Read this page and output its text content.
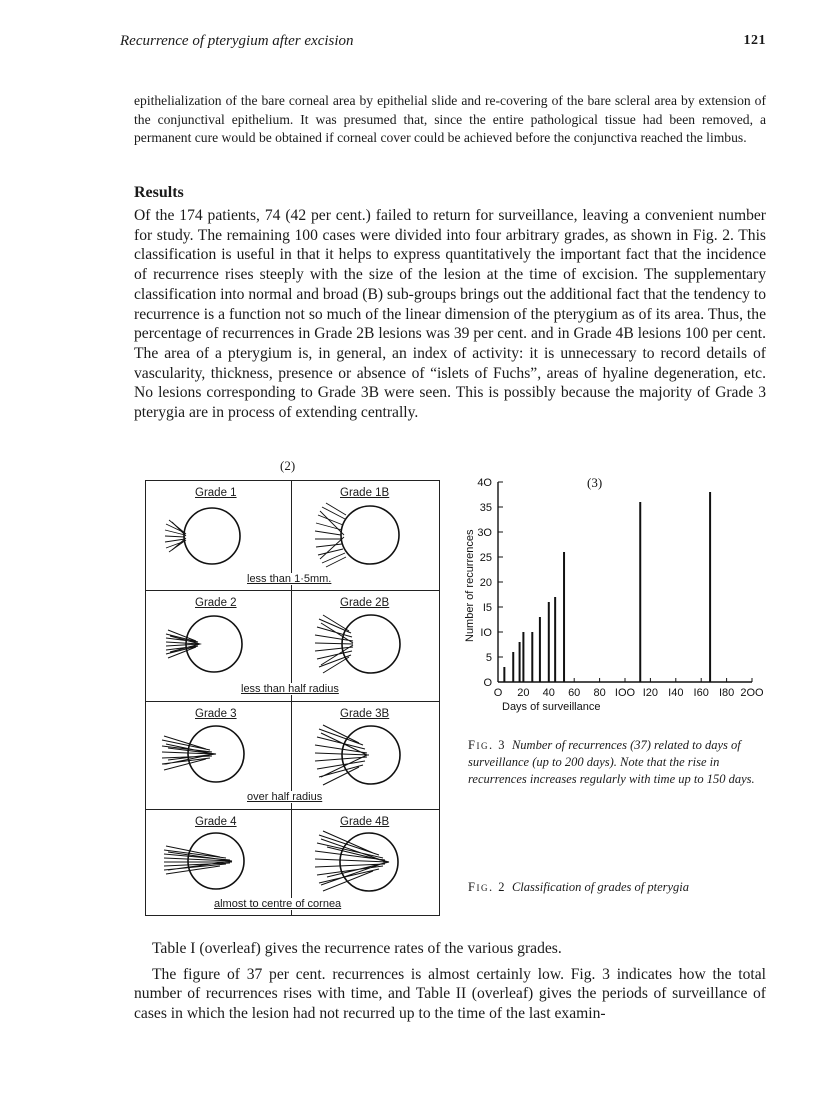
Recurrence of pterygium after excision	121
epithelialization of the bare corneal area by epithelial slide and re-covering of the bare scleral area by extension of the conjunctival epithelium. It was presumed that, since the entire pathological tissue had been removed, a permanent cure would be obtained if corneal cover could be achieved before the conjunctiva reached the limbus.
Results
Of the 174 patients, 74 (42 per cent.) failed to return for surveillance, leaving a convenient number for study. The remaining 100 cases were divided into four arbitrary grades, as shown in Fig. 2. This classification is useful in that it helps to express quantitatively the important fact that the incidence of recurrence rises steeply with the size of the lesion at the time of excision. The supplementary classification into normal and broad (B) sub-groups brings out the additional fact that the tendency to recurrence is a function not so much of the linear dimension of the pterygium as of its area. Thus, the percentage of recurrences in Grade 2B lesions was 39 per cent. and in Grade 4B lesions 100 per cent. The area of a pterygium is, in general, an index of activity: it is unnecessary to record details of vascularity, thickness, presence or absence of “islets of Fuchs”, areas of hyaline degeneration, etc. No lesions corresponding to Grade 3B were seen. This is possibly because the majority of Grade 3 pterygia are in process of extending centrally.
(2)
Grade 1	Grade 1B
less than 1·5mm.
Grade 2	Grade 2B
less than half radius
Grade 3	Grade 3B
over half radius
Grade 4	Grade 4B
almost to centre of cornea
(3)
O
5
IO
I5
20
25
3O
35
4O
O 20 40 60 80 IOO I20 I40 I60 I80 2OO
Number of recurrences
Days of surveillance
Fig. 3 Number of recurrences (37) related to days of surveillance (up to 200 days). Note that the rise in recurrences increases regularly with time up to 150 days.
Fig. 2 Classification of grades of pterygia

Table I (overleaf) gives the recurrence rates of the various grades.

The figure of 37 per cent. recurrences is almost certainly low. Fig. 3 indicates how the total number of recurrences rises with time, and Table II (overleaf) gives the periods of surveillance of cases in which the lesion had not recurred up to the time of the last examin-
